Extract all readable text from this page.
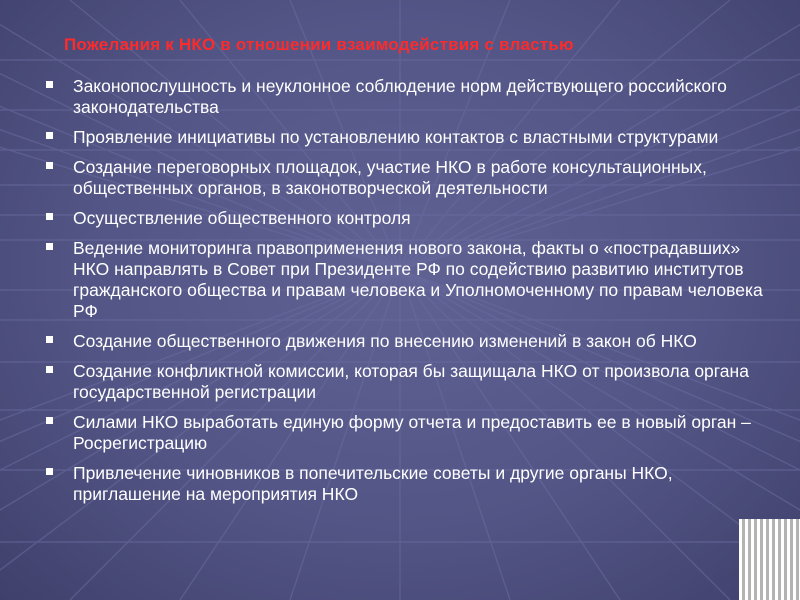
Пожелания к НКО в отношении взаимодействия с властью
Законопослушность и неуклонное соблюдение норм действующего российского законодательства
Проявление инициативы по установлению контактов с властными структурами
Создание переговорных площадок, участие НКО в работе консультационных, общественных органов, в законотворческой деятельности
Осуществление общественного контроля
Ведение мониторинга правоприменения нового закона, факты о «пострадавших» НКО направлять в Совет при Президенте РФ по содействию развитию институтов гражданского общества и правам человека и Уполномоченному по правам человека РФ
Создание общественного движения по внесению изменений в закон об НКО
Создание конфликтной комиссии, которая бы защищала НКО от произвола органа государственной регистрации
Силами НКО выработать единую форму отчета и предоставить ее в новый орган – Росрегистрацию
Привлечение чиновников в попечительские советы и другие органы НКО, приглашение на мероприятия НКО
